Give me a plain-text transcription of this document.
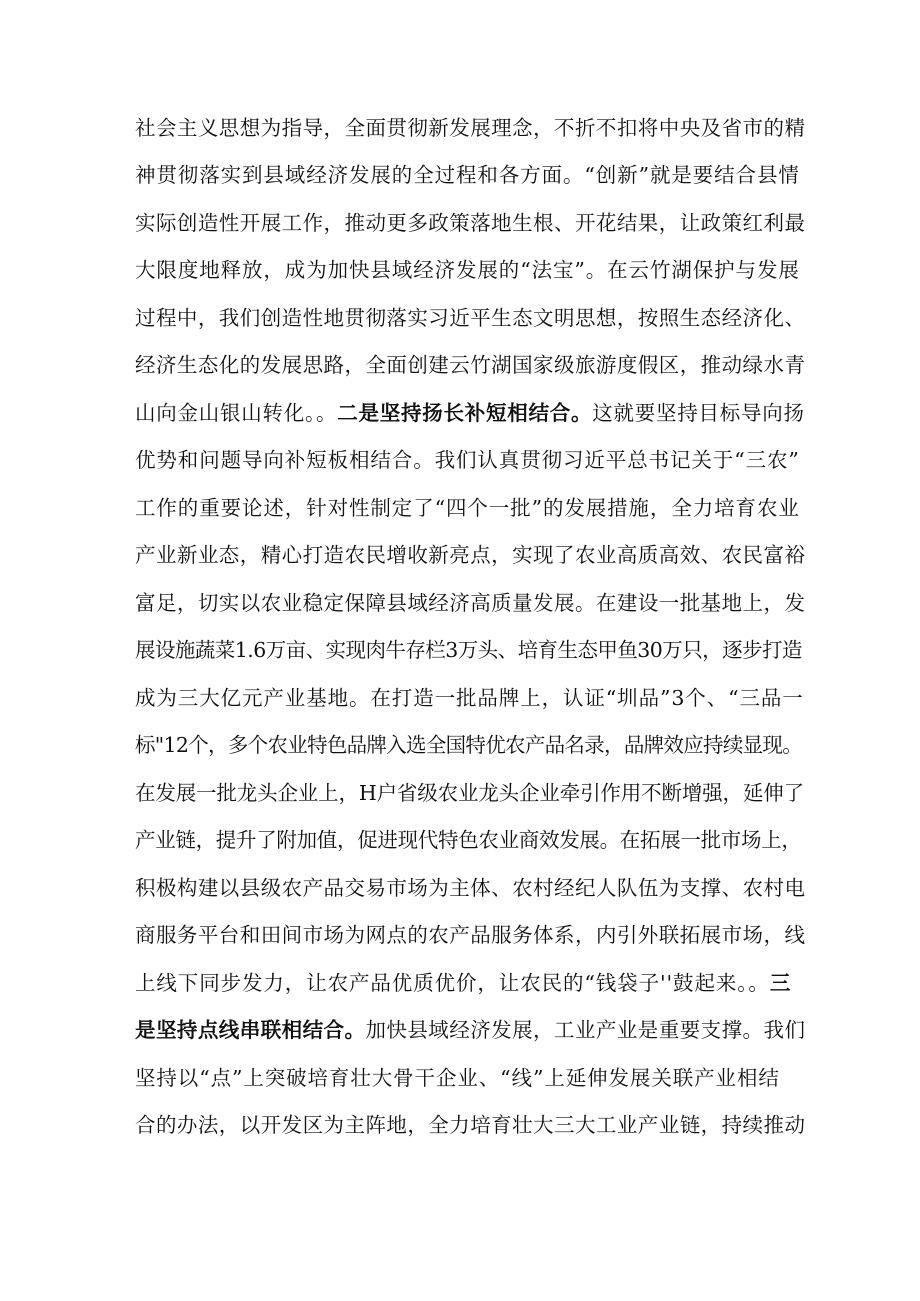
社会主义思想为指导，全面贯彻新发展理念，不折不扣将中央及省市的精
神贯彻落实到县域经济发展的全过程和各方面。“创新”就是要结合县情
实际创造性开展工作，推动更多政策落地生根、开花结果，让政策红利最
大限度地释放，成为加快县域经济发展的“法宝”。在云竹湖保护与发展
过程中，我们创造性地贯彻落实习近平生态文明思想，按照生态经济化、
经济生态化的发展思路，全面创建云竹湖国家级旅游度假区，推动绿水青
山向金山银山转化。。二是坚持扬长补短相结合。这就要坚持目标导向扬
优势和问题导向补短板相结合。我们认真贯彻习近平总书记关于“三农”
工作的重要论述，针对性制定了“四个一批”的发展措施，全力培育农业
产业新业态，精心打造农民增收新亮点，实现了农业高质高效、农民富裕
富足，切实以农业稳定保障县域经济高质量发展。在建设一批基地上，发
展设施蔬菜1.6万亩、实现肉牛存栏3万头、培育生态甲鱼30万只，逐步打造
成为三大亿元产业基地。在打造一批品牌上，认证“圳品”3个、“三品一
标"12个，多个农业特色品牌入选全国特优农产品名录，品牌效应持续显现。
在发展一批龙头企业上，H户省级农业龙头企业牵引作用不断增强，延伸了
产业链，提升了附加值，促进现代特色农业商效发展。在拓展一批市场上，
积极构建以县级农产品交易市场为主体、农村经纪人队伍为支撑、农村电
商服务平台和田间市场为网点的农产品服务体系，内引外联拓展市场，线
上线下同步发力，让农产品优质优价，让农民的“钱袋子''鼓起来。。三
是坚持点线串联相结合。加快县域经济发展，工业产业是重要支撑。我们
坚持以“点”上突破培育壮大骨干企业、“线”上延伸发展关联产业相结
合的办法，以开发区为主阵地，全力培育壮大三大工业产业链，持续推动
